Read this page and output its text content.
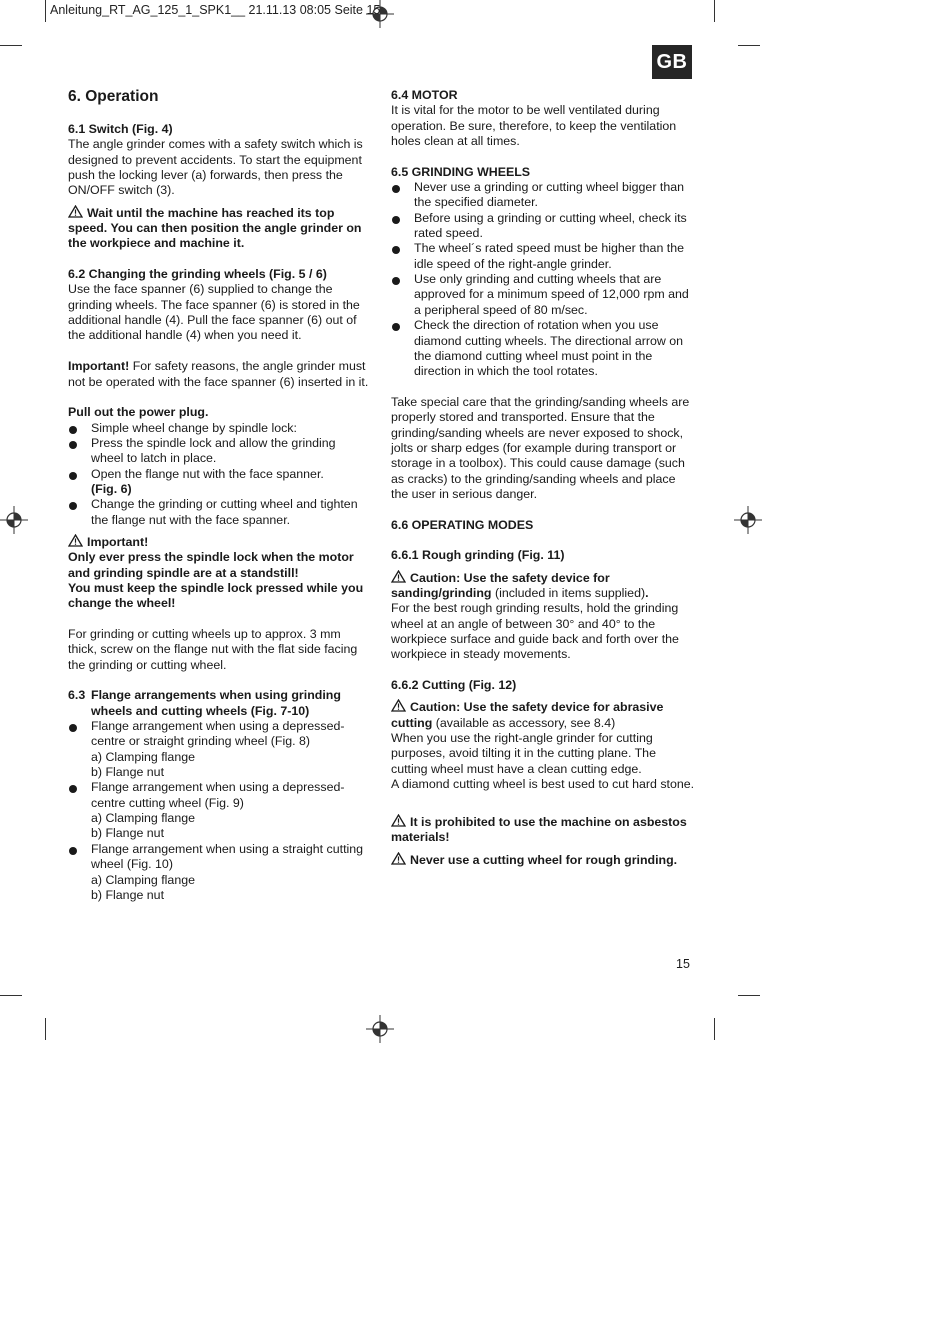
Anleitung_RT_AG_125_1_SPK1__ 21.11.13 08:05 Seite 15
GB
6. Operation

6.1 Switch (Fig. 4)

The angle grinder comes with a safety switch which is designed to prevent accidents. To start the equipment push the locking lever (a) forwards, then press the ON/OFF switch (3).

Wait until the machine has reached its top speed. You can then position the angle grinder on the workpiece and machine it.

6.2 Changing the grinding wheels (Fig. 5 / 6)

Use the face spanner (6) supplied to change the grinding wheels. The face spanner (6) is stored in the additional handle (4). Pull the face spanner (6) out of the additional handle (4) when you need it.

Important! For safety reasons, the angle grinder must not be operated with the face spanner (6) inserted in it.

Pull out the power plug.

Simple wheel change by spindle lock:
Press the spindle lock and allow the grinding wheel to latch in place.
Open the flange nut with the face spanner.
(Fig. 6)
Change the grinding or cutting wheel and tighten the flange nut with the face spanner.

Important!

Only ever press the spindle lock when the motor and grinding spindle are at a standstill!

You must keep the spindle lock pressed while you change the wheel!

For grinding or cutting wheels up to approx. 3 mm thick, screw on the flange nut with the flat side facing the grinding or cutting wheel.

6.3 Flange arrangements when using grinding wheels and cutting wheels (Fig. 7-10)
Flange arrangement when using a depressed-centre or straight grinding wheel (Fig. 8)
a) Clamping flange
b) Flange nut
Flange arrangement when using a depressed-centre cutting wheel (Fig. 9)
a) Clamping flange
b) Flange nut
Flange arrangement when using a straight cutting wheel (Fig. 10)
a) Clamping flange
b) Flange nut

6.4 MOTOR

It is vital for the motor to be well ventilated during operation. Be sure, therefore, to keep the ventilation holes clean at all times.

6.5 GRINDING WHEELS

Never use a grinding or cutting wheel bigger than the specified diameter.
Before using a grinding or cutting wheel, check its rated speed.
The wheel´s rated speed must be higher than the idle speed of the right-angle grinder.
Use only grinding and cutting wheels that are approved for a minimum speed of 12,000 rpm and a peripheral speed of 80 m/sec.
Check the direction of rotation when you use diamond cutting wheels. The directional arrow on the diamond cutting wheel must point in the direction in which the tool rotates.

Take special care that the grinding/sanding wheels are properly stored and transported. Ensure that the grinding/sanding wheels are never exposed to shock, jolts or sharp edges (for example during transport or storage in a toolbox). This could cause damage (such as cracks) to the grinding/sanding wheels and place the user in serious danger.

6.6 OPERATING MODES

6.6.1 Rough grinding (Fig. 11)

Caution: Use the safety device for sanding/grinding (included in items supplied).

For the best rough grinding results, hold the grinding wheel at an angle of between 30° and 40° to the workpiece surface and guide back and forth over the workpiece in steady movements.

6.6.2 Cutting (Fig. 12)

Caution: Use the safety device for abrasive cutting (available as accessory, see 8.4)

When you use the right-angle grinder for cutting purposes, avoid tilting it in the cutting plane. The cutting wheel must have a clean cutting edge.

A diamond cutting wheel is best used to cut hard stone.

It is prohibited to use the machine on asbestos materials!

Never use a cutting wheel for rough grinding.

15
